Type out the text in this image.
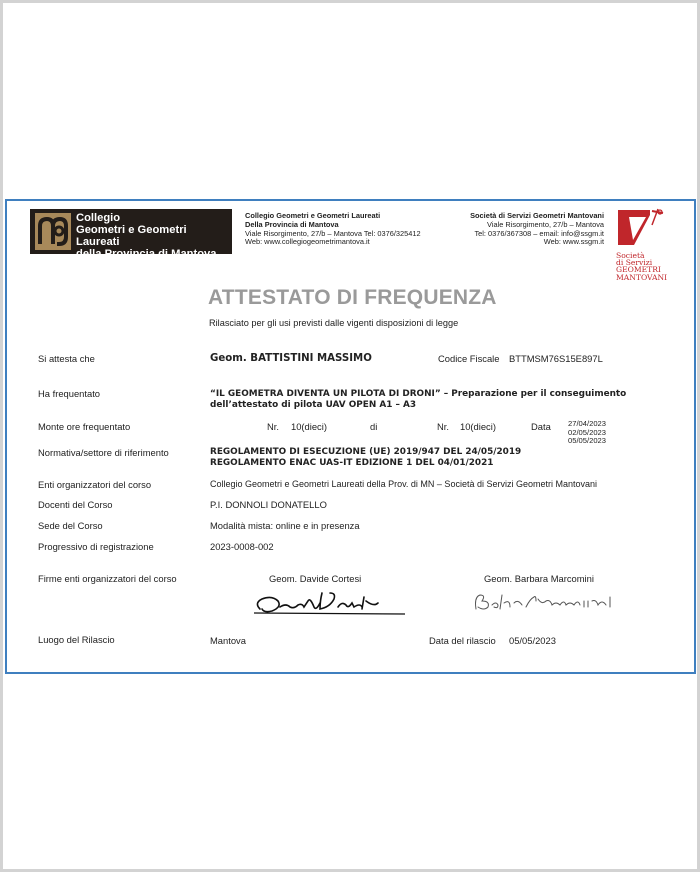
Collegio
Geometri e Geometri Laureati
della Provincia di Mantova
Collegio Geometri e Geometri Laureati
Della Provincia di Mantova
Viale Risorgimento, 27/b – Mantova Tel: 0376/325412
Web: www.collegiogeometrimantova.it
Società di Servizi Geometri Mantovani
Viale Risorgimento, 27/b – Mantova
Tel: 0376/367308 – email: info@ssgm.it
Web: www.ssgm.it
Società
di Servizi
GEOMETRI
MANTOVANI
ATTESTATO DI FREQUENZA
Rilasciato per gli usi previsti dalle vigenti disposizioni di legge
Si attesta che	Geom. BATTISTINI MASSIMO	Codice Fiscale BTTMSM76S15E897L
Ha frequentato	“IL GEOMETRA DIVENTA UN PILOTA DI DRONI” – Preparazione per il conseguimento
dell’attestato di pilota UAV OPEN A1 – A3
Monte ore frequentato	Nr. 10(dieci)	di	Nr. 10(dieci)	Data 27/04/2023
02/05/2023
05/05/2023
Normativa/settore di riferimento	REGOLAMENTO DI ESECUZIONE (UE) 2019/947 DEL 24/05/2019
REGOLAMENTO ENAC UAS-IT EDIZIONE 1 DEL 04/01/2021
Enti organizzatori del corso	Collegio Geometri e Geometri Laureati della Prov. di MN – Società di Servizi Geometri Mantovani
Docenti del Corso	P.I. DONNOLI DONATELLO
Sede del Corso	Modalità mista: online e in presenza
Progressivo di registrazione	2023-0008-002
Firme enti organizzatori del corso	Geom. Davide Cortesi	Geom. Barbara Marcomini
Luogo del Rilascio	Mantova	Data del rilascio 05/05/2023
